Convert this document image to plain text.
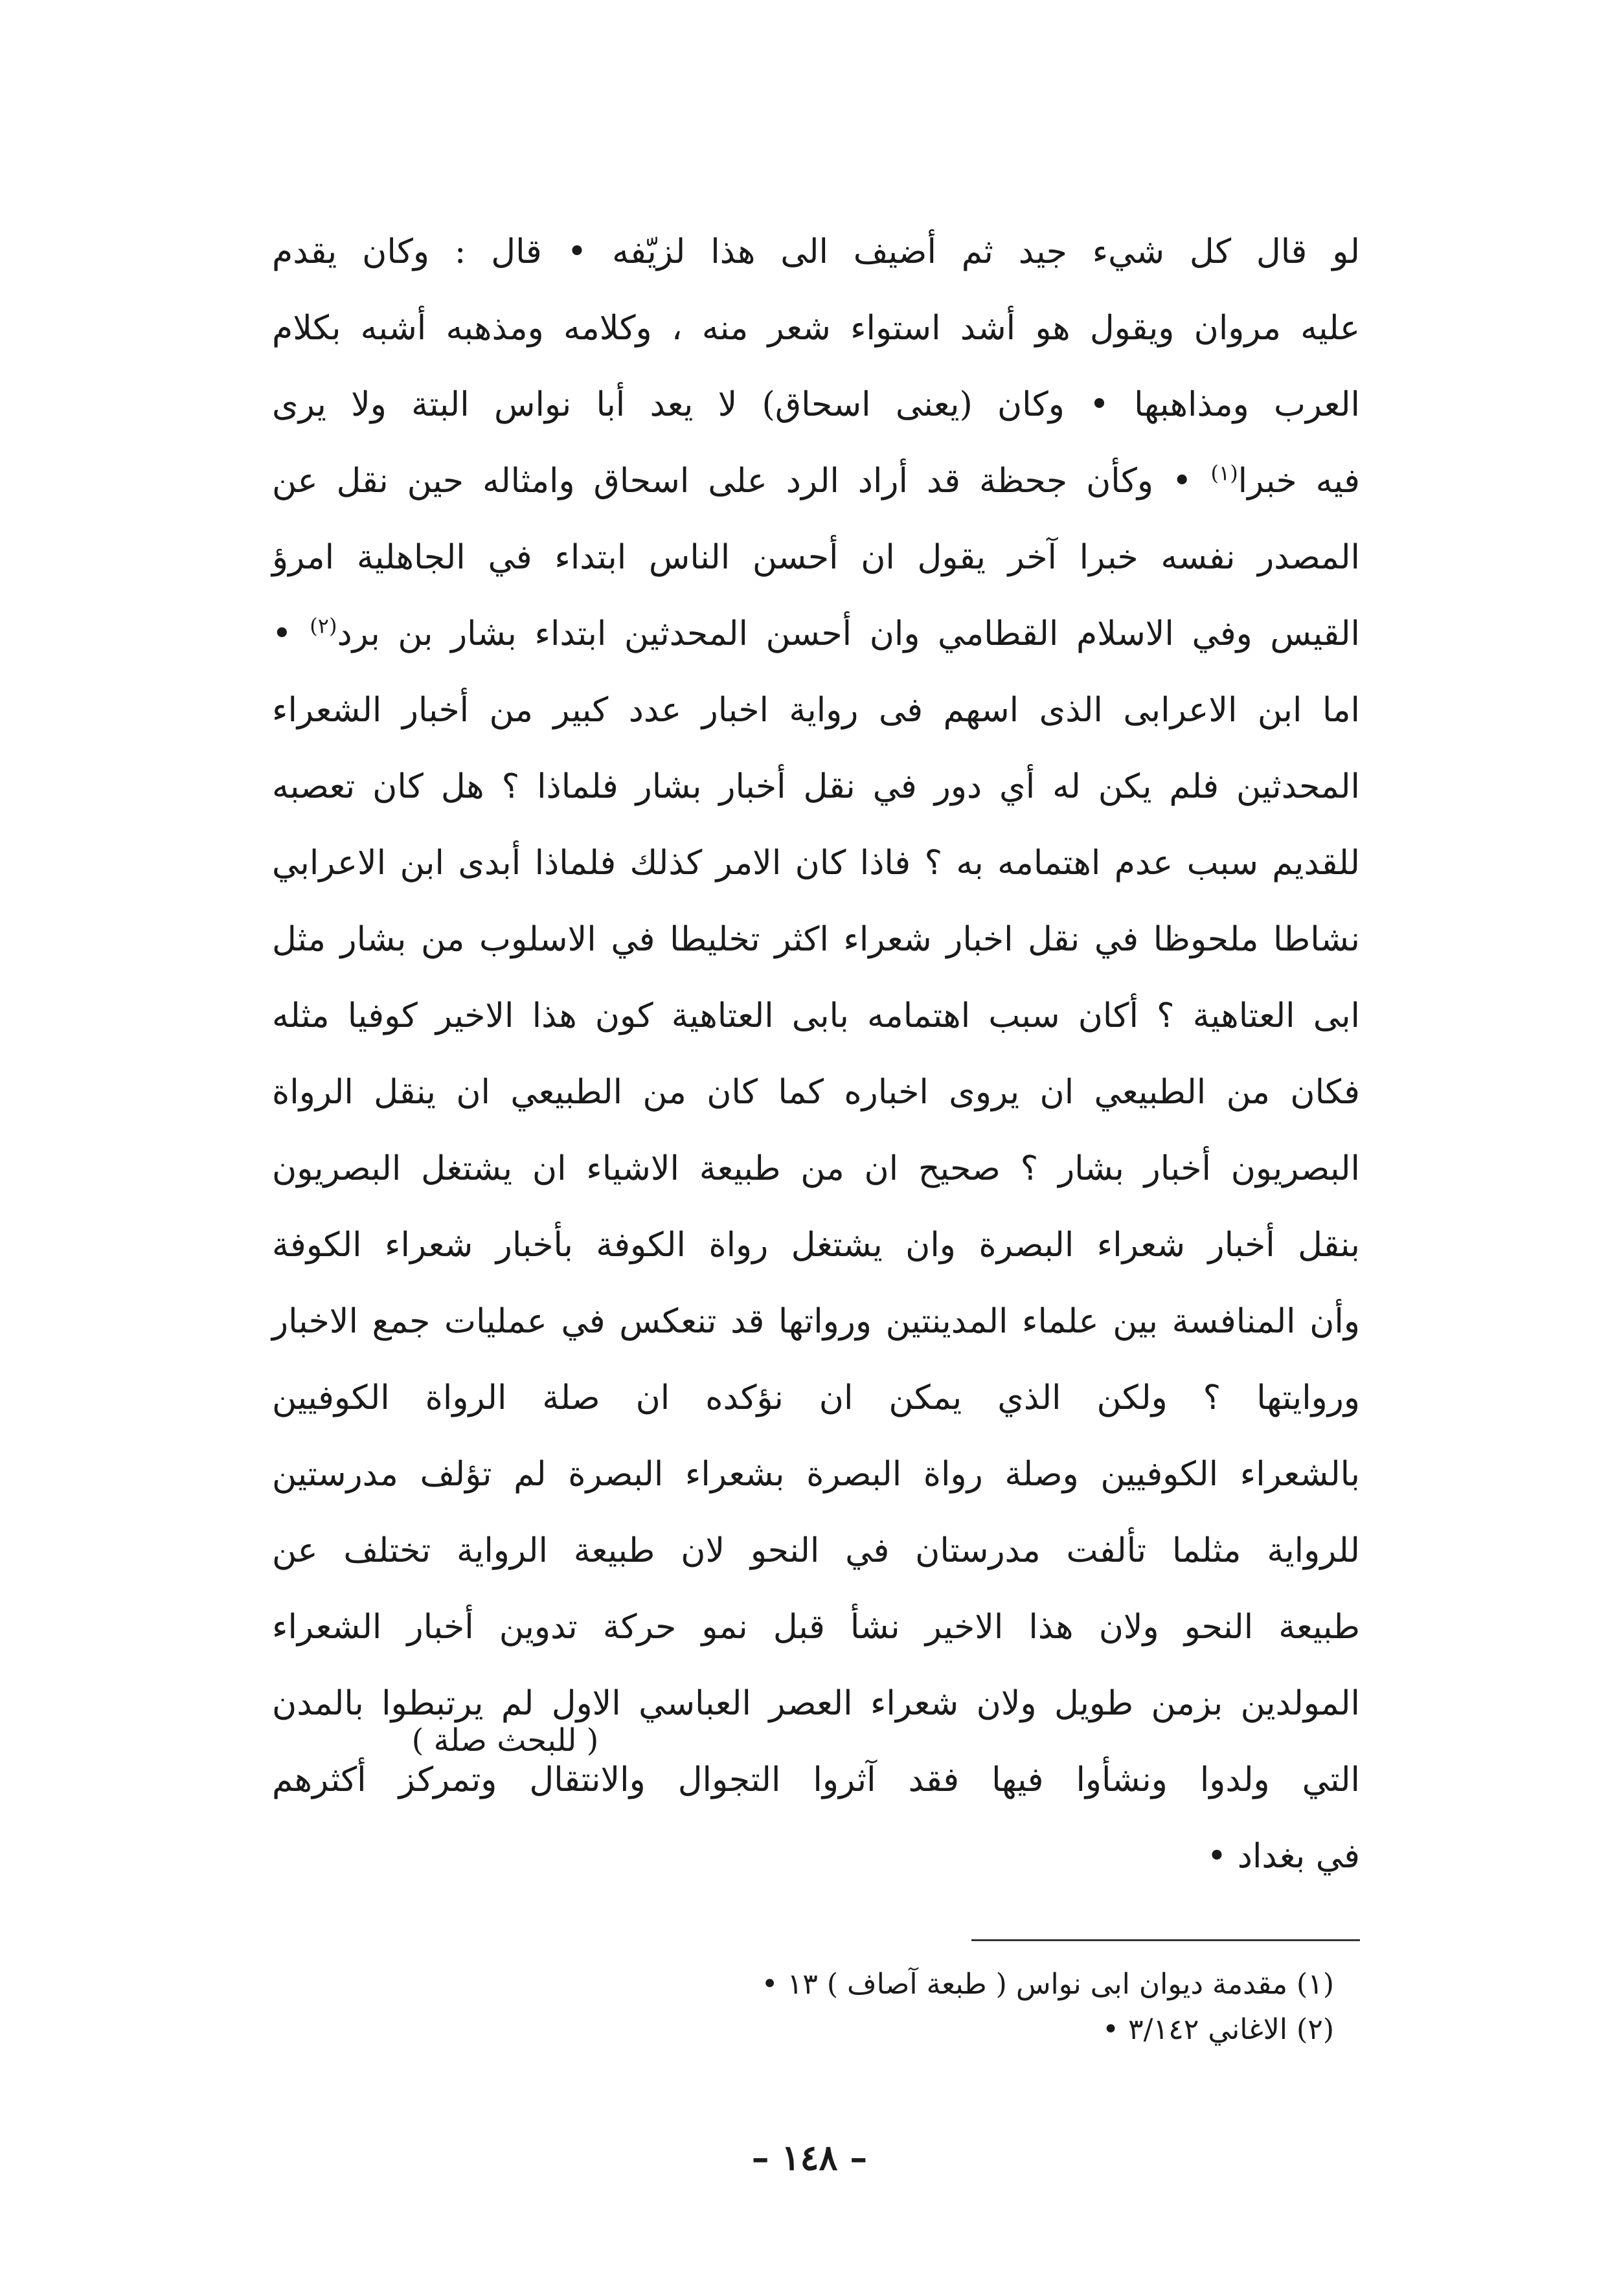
لو قال كل شيء جيد ثم أضيف الى هذا لزيّفه • قال : وكان يقدم
عليه مروان ويقول هو أشد استواء شعر منه ، وكلامه ومذهبه أشبه بكلام
العرب ومذاهبها • وكان (يعنى اسحاق) لا يعد أبا نواس البتة ولا يرى
فيه خبرا$^{(١)}$ • وكأن جحظة قد أراد الرد على اسحاق وامثاله حين نقل عن
المصدر نفسه خبرا آخر يقول ان أحسن الناس ابتداء في الجاهلية امرؤ
القيس وفي الاسلام القطامي وان أحسن المحدثين ابتداء بشار بن برد$^{(٢)}$ •
اما ابن الاعرابى الذى اسهم فى رواية اخبار عدد كبير من أخبار الشعراء
المحدثين فلم يكن له أي دور في نقل أخبار بشار فلماذا ؟ هل كان تعصبه
للقديم سبب عدم اهتمامه به ؟ فاذا كان الامر كذلك فلماذا أبدى ابن الاعرابي
نشاطا ملحوظا في نقل اخبار شعراء اكثر تخليطا في الاسلوب من بشار مثل
ابى العتاهية ؟ أكان سبب اهتمامه بابى العتاهية كون هذا الاخير كوفيا مثله
فكان من الطبيعي ان يروى اخباره كما كان من الطبيعي ان ينقل الرواة
البصريون أخبار بشار ؟ صحيح ان من طبيعة الاشياء ان يشتغل البصريون
بنقل أخبار شعراء البصرة وان يشتغل رواة الكوفة بأخبار شعراء الكوفة
وأن المنافسة بين علماء المدينتين ورواتها قد تنعكس في عمليات جمع الاخبار
وروايتها ؟ ولكن الذي يمكن ان نؤكده ان صلة الرواة الكوفيين
بالشعراء الكوفيين وصلة رواة البصرة بشعراء البصرة لم تؤلف مدرستين
للرواية مثلما تألفت مدرستان في النحو لان طبيعة الرواية تختلف عن
طبيعة النحو ولان هذا الاخير نشأ قبل نمو حركة تدوين أخبار الشعراء
المولدين بزمن طويل ولان شعراء العصر العباسي الاول لم يرتبطوا بالمدن
التي ولدوا ونشأوا فيها فقد آثروا التجوال والانتقال وتمركز أكثرهم
في بغداد •
( للبحث صلة )
(١) مقدمة ديوان ابى نواس ( طبعة آصاف ) ١٣ •
(٢) الاغاني ٣/١٤٢ •
– ١٤٨ –
